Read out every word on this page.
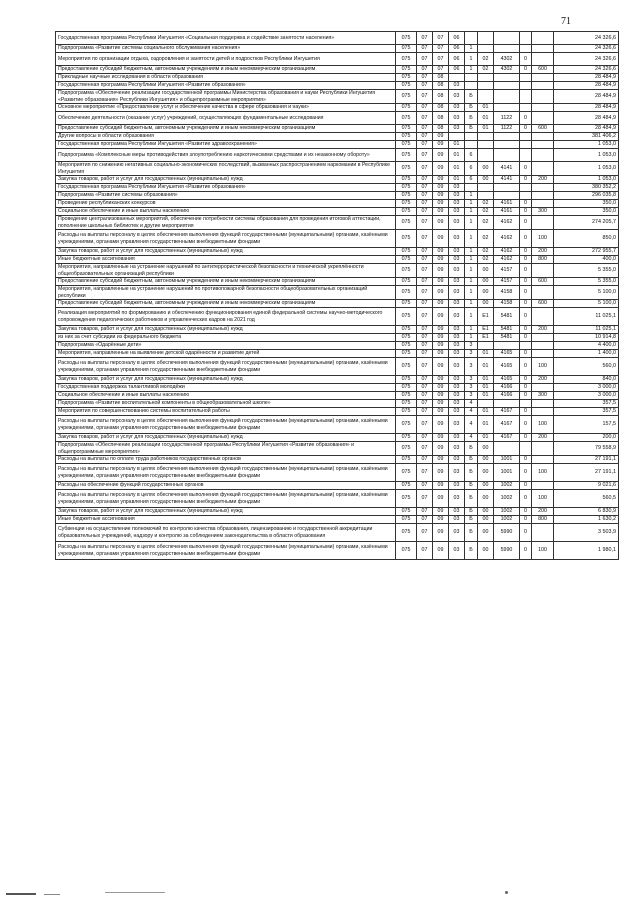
71
Государственная программа Республики Ингушетия «Социальная поддержка и содействие занятости населения»	075	07	07	06						24 326,6
Подпрограмма «Развитие системы социального обслуживания населения»	075	07	07	06	1					24 326,6
Мероприятия по организации отдыха, оздоровления и занятости детей и подростков Республики Ингушетия	075	07	07	06	1	02	4302	0		24 326,6
Предоставление субсидий бюджетным, автономным учреждениям и иным некоммерческим организациям	075	07	07	06	1	02	4302	0	600	24 326,6
Прикладные научные исследования в области образования	075	07	08							28 484,9
Государственная программа Республики Ингушетия «Развитие образования»	075	07	08	03						28 484,9
Подпрограмма «Обеспечение реализации государственной программы Министерства образования и науки Республики Ингушетия «Развитие образования» Республики Ингушетия» и общепрограммные мероприятия»	075	07	08	03	Б					28 484,9
Основное мероприятие «Предоставление услуг и обеспечение качества в сфере образования и науки»	075	07	08	03	Б	01				28 484,9
Обеспечение деятельности (оказание услуг) учреждений, осуществляющих фундаментальные исследования	075	07	08	03	Б	01	1122	0		28 484,9
Предоставление субсидий бюджетным, автономным учреждениям и иным некоммерческим организациям	075	07	08	03	Б	01	1122	0	600	28 484,9
Другие вопросы в области образования	075	07	09							381 406,2
Государственная программа Республики Ингушетия «Развитие здравоохранения»	075	07	09	01						1 053,0
Подпрограмма «Комплексные меры противодействия злоупотреблению наркотическими средствами и их незаконному обороту»	075	07	09	01	6					1 053,0
Мероприятия по снижению негативных социально-экономических последствий, вызванных распространением наркомании в Республике Ингушетия	075	07	09	01	6	00	4141	0		1 053,0
Закупка товаров, работ и услуг для государственных (муниципальных) нужд	075	07	09	01	6	00	4141	0	200	1 053,0
Государственная программа Республики Ингушетия «Развитие образования»	075	07	09	03						380 352,2
Подпрограмма «Развитие системы образования»	075	07	09	03	1					296 035,8
Проведение республиканских конкурсов	075	07	09	03	1	02	4161	0		350,0
Социальное обеспечение и иные выплаты населению	075	07	09	03	1	02	4161	0	300	350,0
Проведение централизованных мероприятий, обеспечение потребности системы образования для проведения итоговой аттестации, пополнение школьных библиотек и другие мероприятия	075	07	09	03	1	02	4162	0		274 205,7
Расходы на выплаты персоналу в целях обеспечения выполнения функций государственными (муниципальными) органами, казёнными учреждениями, органами управления государственными внебюджетными фондами	075	07	09	03	1	02	4162	0	100	850,0
Закупка товаров, работ и услуг для государственных (муниципальных) нужд	075	07	09	03	1	02	4162	0	200	272 955,7
Иные бюджетные ассигнования	075	07	09	03	1	02	4162	0	800	400,0
Мероприятия, направленные на устранение нарушений по антитеррористической безопасности и технической укреплённости общеобразовательных организаций республики	075	07	09	03	1	00	4157	0		5 355,0
Предоставление субсидий бюджетным, автономным учреждениям и иным некоммерческим организациям	075	07	09	03	1	00	4157	0	600	5 355,0
Мероприятия, направленные на устранение нарушений по противопожарной безопасности общеобразовательных организаций республики	075	07	09	03	1	00	4158	0		5 100,0
Предоставление субсидий бюджетным, автономным учреждениям и иным некоммерческим организациям	075	07	09	03	1	00	4158	0	600	5 100,0
Реализация мероприятий по формированию и обеспечению функционирования единой федеральной системы научно-методического сопровождения педагогических работников и управленческих кадров на 2021 год	075	07	09	03	1	E1	5481	0		11 025,1
Закупка товаров, работ и услуг для государственных (муниципальных) нужд	075	07	09	03	1	E1	5481	0	200	11 025,1
из них за счет субсидии из федерального бюджета	075	07	09	03	1	E1	5481	0		10 914,8
Подпрограмма «Одарённые дети»	075	07	09	03	3					4 400,0
Мероприятия, направленные на выявление детской одарённости и развитие детей	075	07	09	03	3	01	4165	0		1 400,0
Расходы на выплаты персоналу в целях обеспечения выполнения функций государственными (муниципальными) органами, казёнными учреждениями, органами управления государственными внебюджетными фондами	075	07	09	03	3	01	4165	0	100	560,0
Закупка товаров, работ и услуг для государственных (муниципальных) нужд	075	07	09	03	3	01	4165	0	200	840,0
Государственная поддержка талантливой молодёжи	075	07	09	03	3	01	4166	0		3 000,0
Социальное обеспечение и иные выплаты населению	075	07	09	03	3	01	4166	0	300	3 000,0
Подпрограмма «Развитие воспитательной компоненты в общеобразовательной школе»	075	07	09	03	4					357,5
Мероприятия по совершенствованию системы воспитательной работы	075	07	09	03	4	01	4167	0		357,5
Расходы на выплаты персоналу в целях обеспечения выполнения функций государственными (муниципальными) органами, казёнными учреждениями, органами управления государственными внебюджетными фондами	075	07	09	03	4	01	4167	0	100	157,5
Закупка товаров, работ и услуг для государственных (муниципальных) нужд	075	07	09	03	4	01	4167	0	200	200,0
Подпрограмма «Обеспечение реализации государственной программы Республики Ингушетия «Развитие образования» и общепрограммные мероприятия»	075	07	09	03	Б	00				79 558,9
Расходы на выплаты по оплате труда работников государственных органов	075	07	09	03	Б	00	1001	0		27 191,1
Расходы на выплаты персоналу в целях обеспечения выполнения функций государственными (муниципальными) органами, казёнными учреждениями, органами управления государственными внебюджетными фондами	075	07	09	03	Б	00	1001	0	100	27 191,1
Расходы на обеспечение функций государственных органов	075	07	09	03	Б	00	1002	0		9 021,6
Расходы на выплаты персоналу в целях обеспечения выполнения функций государственными (муниципальными) органами, казёнными учреждениями, органами управления государственными внебюджетными фондами	075	07	09	03	Б	00	1002	0	100	560,5
Закупка товаров, работ и услуг для государственных (муниципальных) нужд	075	07	09	03	Б	00	1002	0	200	6 830,9
Иные бюджетные ассигнования	075	07	09	03	Б	00	1002	0	800	1 630,2
Субвенции на осуществление полномочий по контролю качества образования, лицензированию и государственной аккредитации образовательных учреждений, надзору и контролю за соблюдением законодательства в области образования	075	07	09	03	Б	00	5990	0		3 503,9
Расходы на выплаты персоналу в целях обеспечения выполнения функций государственными (муниципальными) органами, казёнными учреждениями, органами управления государственными внебюджетными фондами	075	07	09	03	Б	00	5990	0	100	1 980,1
